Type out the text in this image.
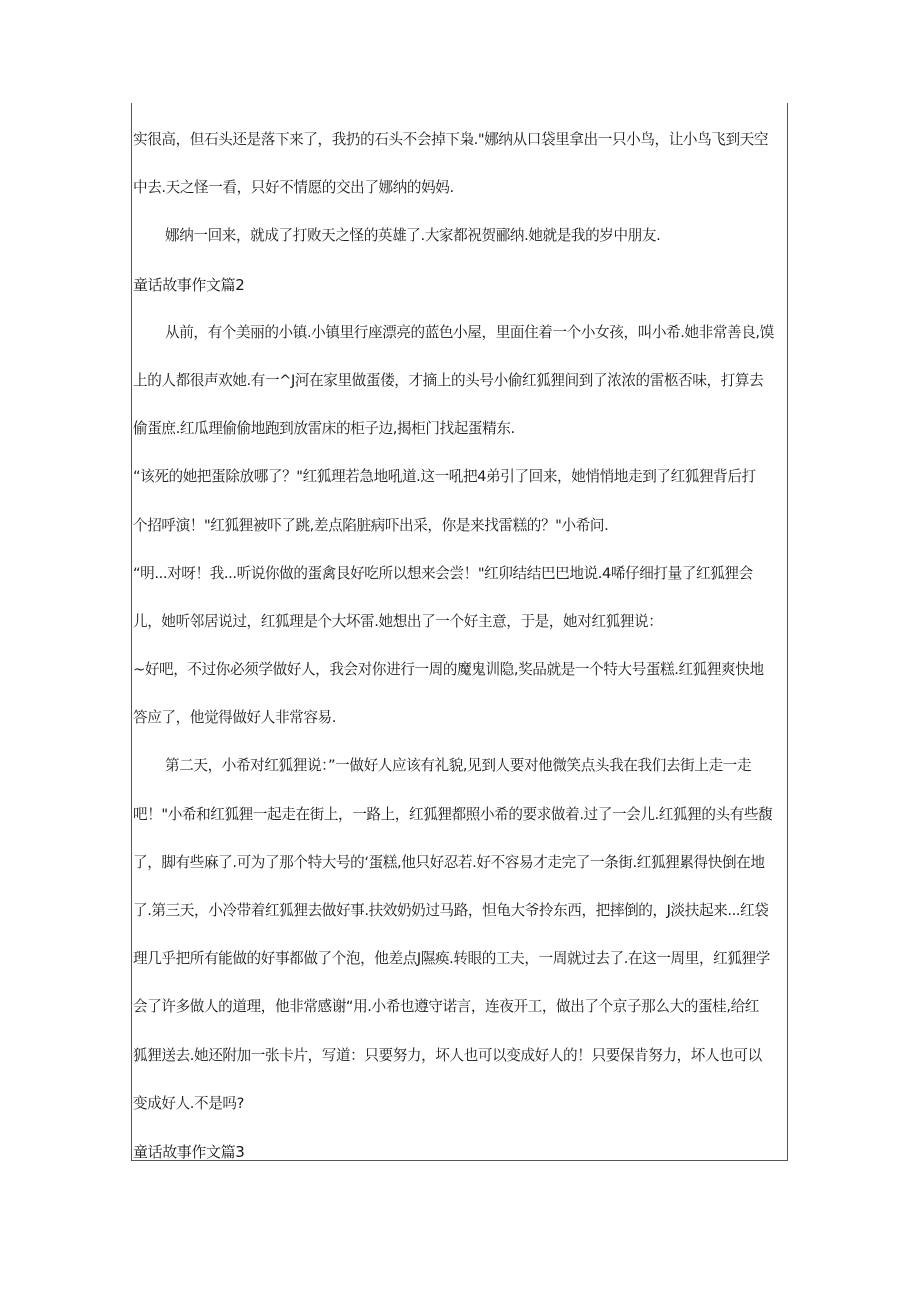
实很高，但石头还是落下来了，我扔的石头不会掉下枭."娜纳从口袋里拿出一只小鸟，让小鸟飞到天空
中去.天之怪一看，只好不情愿的交出了娜纳的妈妈.
娜纳一回来，就成了打败天之怪的英雄了.大家都祝贺郦纳.她就是我的岁中朋友.
童话故事作文篇2
从前，有个美丽的小镇.小镇里行座漂亮的蓝色小屋，里面住着一个小女孩，叫小希.她非常善良,馍
上的人都很声欢她.有一^J河在家里做蛋偻，才摘上的头号小偷红狐狸间到了浓浓的雷柩否味，打算去
偷蛋庶.红瓜理偷偷地跑到放雷床的柜子边,揭柜门找起蛋精东.
“该死的她把蛋除放哪了？"红狐理若急地吼道.这一吼把4弟引了回来，她悄悄地走到了红狐狸背后打
个招呼演！"红狐狸被吓了跳,差点陷脏病吓出采，你是来找雷糕的？"小希问.
“明...对呀！我...听说你做的蛋禽艮好吃所以想来会尝！"红卯结结巴巴地说.4唏仔细打量了红狐狸会
儿，她听邻居说过，红狐理是个大坏雷.她想出了一个好主意，于是，她对红狐狸说：
~好吧，不过你必须学做好人，我会对你进行一周的魔鬼训隐,奖品就是一个特大号蛋糕.红狐狸爽快地
答应了，他觉得做好人非常容易.
第二天，小希对红狐狸说：”一做好人应该有礼貌,见到人要对他微笑点头我在我们去街上走一走
吧！"小希和红狐狸一起走在街上，一路上，红狐狸都照小希的要求做着.过了一会儿.红狐狸的头有些馥
了，脚有些麻了.可为了那个特大号的‘蛋糕,他只好忍若.好不容易才走完了一条街.红狐狸累得快倒在地
了.第三天，小冷带着红狐狸去做好事.扶效奶奶过马路，怛龟大爷拎东西，把摔倒的，J淡扶起来...红袋
理几乎把所有能做的好事都做了个泡，他差点J隰痪.转眼的工夫，一周就过去了.在这一周里，红狐狸学
会了许多做人的道理，他非常感谢“用.小希也遵守诺言，连夜开工，做出了个京子那么大的蛋桂,给红
狐狸送去.她还附加一张卡片，写道：只要努力，坏人也可以变成好人的！只要保肯努力，坏人也可以
变成好人.不是吗?
童话故事作文篇3
